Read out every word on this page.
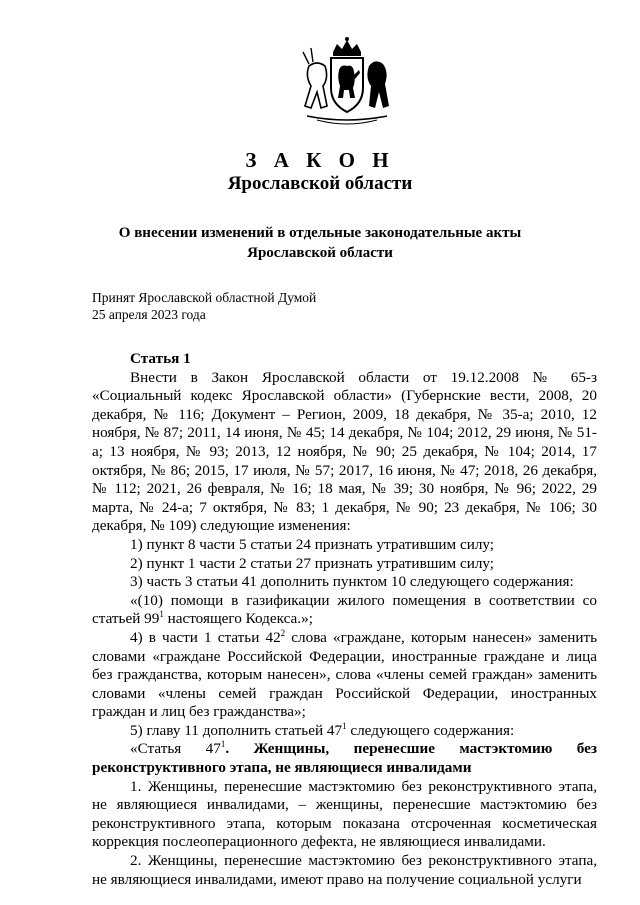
З А К О Н
Ярославской области
О внесении изменений в отдельные законодательные акты
Ярославской области
Принят Ярославской областной Думой
25 апреля 2023 года

Статья 1

Внести в Закон Ярославской области от 19.12.2008 № 65-з «Социальный кодекс Ярославской области» (Губернские вести, 2008, 20 декабря, № 116; Документ – Регион, 2009, 18 декабря, № 35-а; 2010, 12 ноября, № 87; 2011, 14 июня, № 45; 14 декабря, № 104; 2012, 29 июня, № 51-а; 13 ноября, № 93; 2013, 12 ноября, № 90; 25 декабря, № 104; 2014, 17 октября, № 86; 2015, 17 июля, № 57; 2017, 16 июня, № 47; 2018, 26 декабря, № 112; 2021, 26 февраля, № 16; 18 мая, № 39; 30 ноября, № 96; 2022, 29 марта, № 24-а; 7 октября, № 83; 1 декабря, № 90; 23 декабря, № 106; 30 декабря, № 109) следующие изменения:

1) пункт 8 части 5 статьи 24 признать утратившим силу;

2) пункт 1 части 2 статьи 27 признать утратившим силу;

3) часть 3 статьи 41 дополнить пунктом 10 следующего содержания:

«(10) помощи в газификации жилого помещения в соответствии со статьей $99^1$ настоящего Кодекса.»;

4) в части 1 статьи $42^2$ слова «граждане, которым нанесен» заменить словами «граждане Российской Федерации, иностранные граждане и лица без гражданства, которым нанесен», слова «члены семей граждан» заменить словами «члены семей граждан Российской Федерации, иностранных граждан и лиц без гражданства»;

5) главу 11 дополнить статьей $47^1$ следующего содержания:

«Статья $47^1$. Женщины, перенесшие мастэктомию без реконструктивного этапа, не являющиеся инвалидами

1. Женщины, перенесшие мастэктомию без реконструктивного этапа, не являющиеся инвалидами, – женщины, перенесшие мастэктомию без реконструктивного этапа, которым показана отсроченная косметическая коррекция послеоперационного дефекта, не являющиеся инвалидами.

2. Женщины, перенесшие мастэктомию без реконструктивного этапа, не являющиеся инвалидами, имеют право на получение социальной услуги
